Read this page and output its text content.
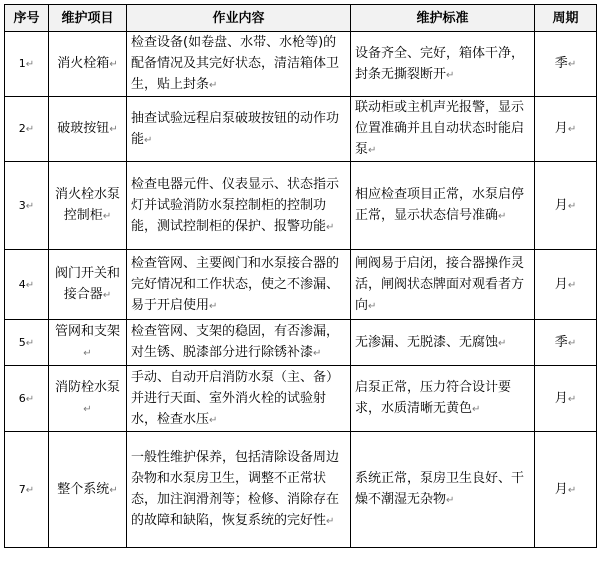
序号	维护项目	作业内容	维护标准	周期
1↵	消火栓箱↵	检查设备(如卷盘、水带、水枪等)的配备情况及其完好状态，清洁箱体卫生，贴上封条↵	设备齐全、完好，箱体干净，封条无撕裂断开↵	季↵
2↵	破玻按钮↵	抽查试验远程启泵破玻按钮的动作功能↵	联动柜或主机声光报警，显示位置准确并且自动状态时能启泵↵	月↵
3↵	消火栓水泵控制柜↵	检查电器元件、仪表显示、状态指示灯并试验消防水泵控制柜的控制功能，测试控制柜的保护、报警功能↵	相应检查项目正常，水泵启停正常，显示状态信号准确↵	月↵
4↵	阀门开关和接合器↵	检查管网、主要阀门和水泵接合器的完好情况和工作状态，使之不渗漏、易于开启使用↵	闸阀易于启闭，接合器操作灵活，闸阀状态牌面对观看者方向↵	月↵
5↵	管网和支架↵	检查管网、支架的稳固，有否渗漏，对生锈、脱漆部分进行除锈补漆↵	无渗漏、无脱漆、无腐蚀↵	季↵
6↵	消防栓水泵↵	手动、自动开启消防水泵（主、备）并进行天面、室外消火栓的试验射水，检查水压↵	启泵正常，压力符合设计要求，水质清晰无黄色↵	月↵
7↵	整个系统↵	一般性维护保养，包括清除设备周边杂物和水泵房卫生，调整不正常状态，加注润滑剂等；检修、消除存在的故障和缺陷，恢复系统的完好性↵	系统正常，泵房卫生良好、干燥不潮湿无杂物↵	月↵
